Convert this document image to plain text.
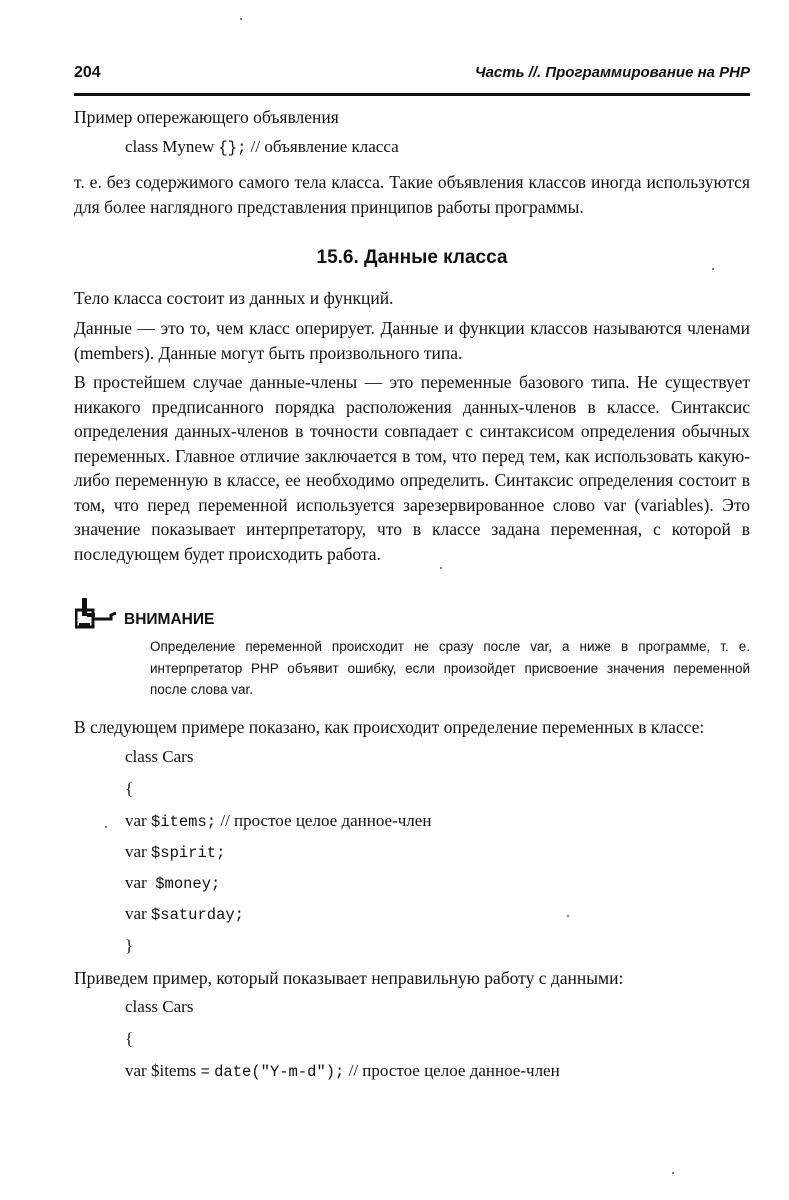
204	Часть //. Программирование на PHP

Пример опережающего объявления

class Mynew {}; // объявление класса

т. е. без содержимого самого тела класса. Такие объявления классов иногда используются для более наглядного представления принципов работы программы.

15.6. Данные класса

Тело класса состоит из данных и функций.

Данные — это то, чем класс оперирует. Данные и функции классов называются членами (members). Данные могут быть произвольного типа.

В простейшем случае данные-члены — это переменные базового типа. Не существует никакого предписанного порядка расположения данных-членов в классе. Синтаксис определения данных-членов в точности совпадает с синтаксисом определения обычных переменных. Главное отличие заключается в том, что перед тем, как использовать какую-либо переменную в классе, ее необходимо определить. Синтаксис определения состоит в том, что перед переменной используется зарезервированное слово var (variables). Это значение показывает интерпретатору, что в классе задана переменная, с которой в последующем будет происходить работа.

ВНИМАНИЕ

Определение переменной происходит не сразу после var, а ниже в программе, т. е. интерпретатор PHP объявит ошибку, если произойдет присвоение значения переменной после слова var.

В следующем примере показано, как происходит определение переменных в классе:

class Cars
{
var $items; // простое целое данное-член
var $spirit;
var $money;
var $saturday;
}

Приведем пример, который показывает неправильную работу с данными:

class Cars
{
var $items = date("Y-m-d"); // простое целое данное-член
